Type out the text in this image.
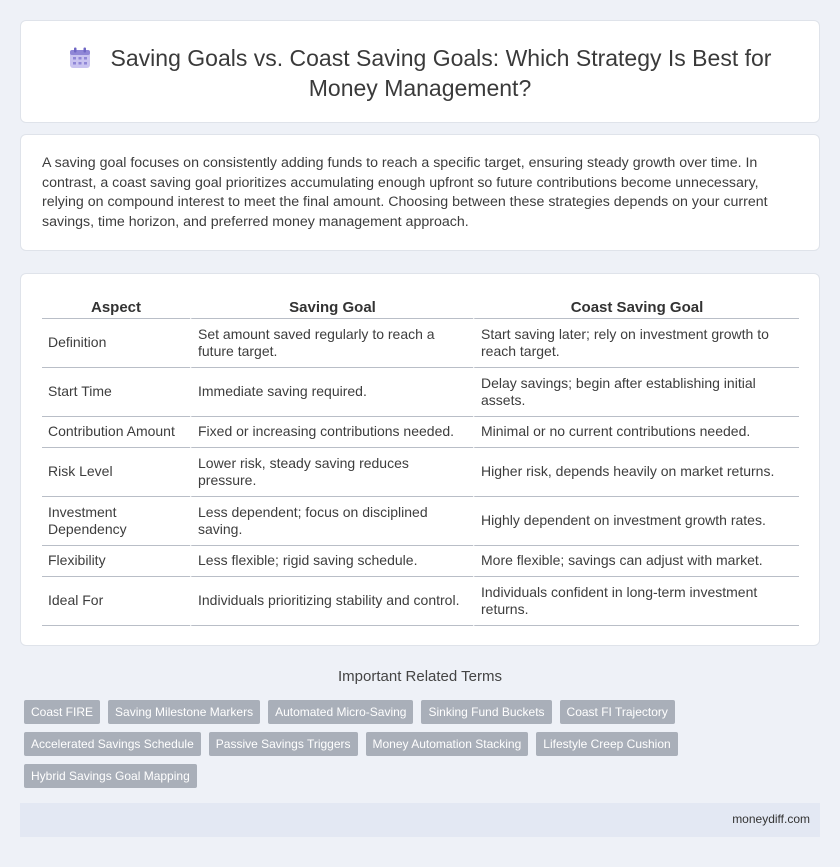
Saving Goals vs. Coast Saving Goals: Which Strategy Is Best for Money Management?

A saving goal focuses on consistently adding funds to reach a specific target, ensuring steady growth over time. In contrast, a coast saving goal prioritizes accumulating enough upfront so future contributions become unnecessary, relying on compound interest to meet the final amount. Choosing between these strategies depends on your current savings, time horizon, and preferred money management approach.

Aspect	Saving Goal	Coast Saving Goal
Definition	Set amount saved regularly to reach a future target.	Start saving later; rely on investment growth to reach target.
Start Time	Immediate saving required.	Delay savings; begin after establishing initial assets.
Contribution Amount	Fixed or increasing contributions needed.	Minimal or no current contributions needed.
Risk Level	Lower risk, steady saving reduces pressure.	Higher risk, depends heavily on market returns.
Investment Dependency	Less dependent; focus on disciplined saving.	Highly dependent on investment growth rates.
Flexibility	Less flexible; rigid saving schedule.	More flexible; savings can adjust with market.
Ideal For	Individuals prioritizing stability and control.	Individuals confident in long-term investment returns.
Important Related Terms
Coast FIRE	Saving Milestone Markers	Automated Micro-Saving	Sinking Fund Buckets	Coast FI Trajectory
Accelerated Savings Schedule	Passive Savings Triggers	Money Automation Stacking	Lifestyle Creep Cushion
Hybrid Savings Goal Mapping
moneydiff.com
